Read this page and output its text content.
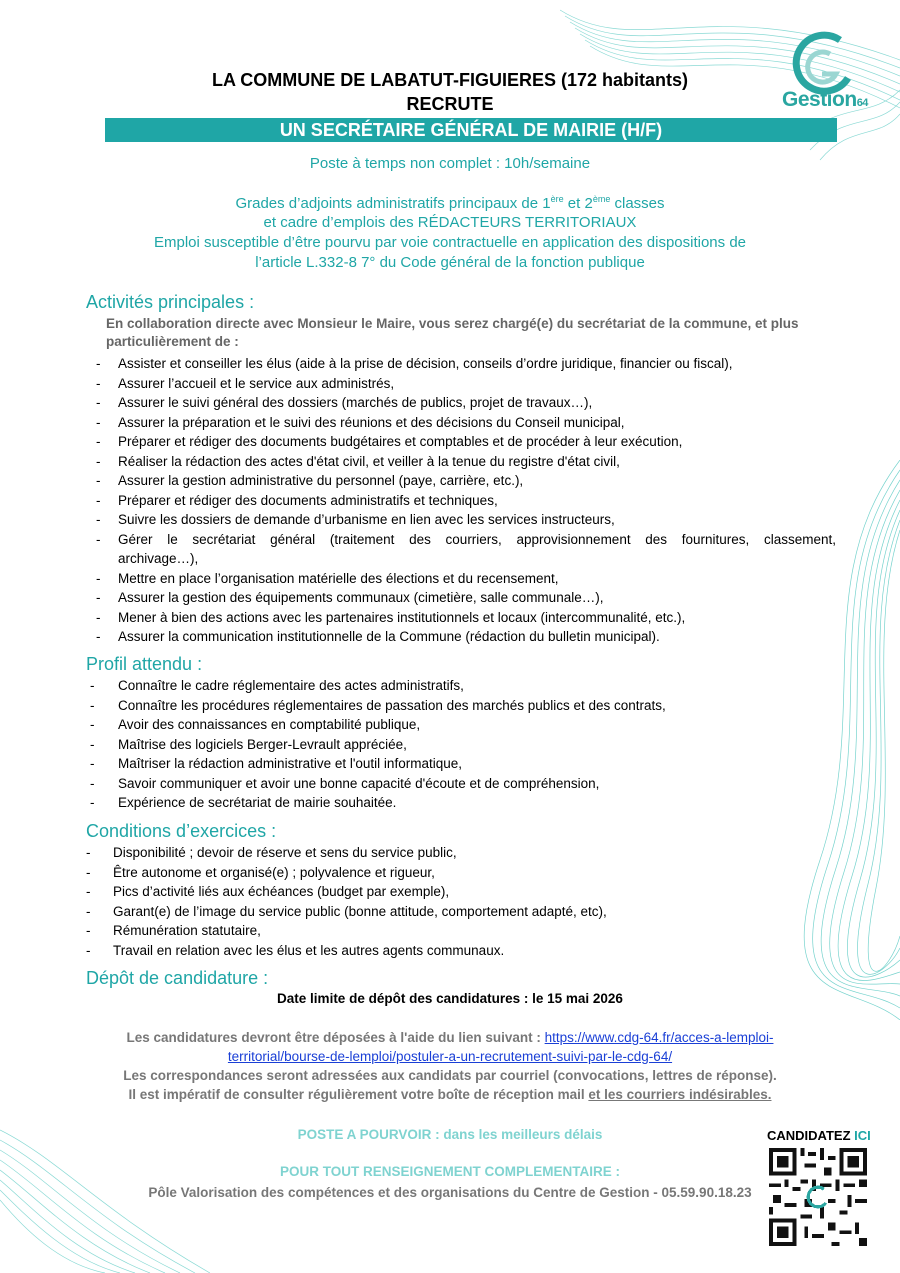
Gestion64
LA COMMUNE DE LABATUT-FIGUIERES (172 habitants)
RECRUTE
UN SECRÉTAIRE GÉNÉRAL DE MAIRIE (H/F)
Poste à temps non complet : 10h/semaine
Grades d’adjoints administratifs principaux de 1ère et 2ème classes
et cadre d’emplois des RÉDACTEURS TERRITORIAUX
Emploi susceptible d’être pourvu par voie contractuelle en application des dispositions de
l’article L.332-8 7° du Code général de la fonction publique
Activités principales :
En collaboration directe avec Monsieur le Maire, vous serez chargé(e) du secrétariat de la commune, et plus particulièrement de :
- Assister et conseiller les élus (aide à la prise de décision, conseils d’ordre juridique, financier ou fiscal),
- Assurer l’accueil et le service aux administrés,
- Assurer le suivi général des dossiers (marchés de publics, projet de travaux…),
- Assurer la préparation et le suivi des réunions et des décisions du Conseil municipal,
- Préparer et rédiger des documents budgétaires et comptables et de procéder à leur exécution,
- Réaliser la rédaction des actes d'état civil, et veiller à la tenue du registre d'état civil,
- Assurer la gestion administrative du personnel (paye, carrière, etc.),
- Préparer et rédiger des documents administratifs et techniques,
- Suivre les dossiers de demande d’urbanisme en lien avec les services instructeurs,
- Gérer le secrétariat général (traitement des courriers, approvisionnement des fournitures, classement,
archivage…),
- Mettre en place l’organisation matérielle des élections et du recensement,
- Assurer la gestion des équipements communaux (cimetière, salle communale…),
- Mener à bien des actions avec les partenaires institutionnels et locaux (intercommunalité, etc.),
- Assurer la communication institutionnelle de la Commune (rédaction du bulletin municipal).
Profil attendu :
- Connaître le cadre réglementaire des actes administratifs,
- Connaître les procédures réglementaires de passation des marchés publics et des contrats,
- Avoir des connaissances en comptabilité publique,
- Maîtrise des logiciels Berger-Levrault appréciée,
- Maîtriser la rédaction administrative et l'outil informatique,
- Savoir communiquer et avoir une bonne capacité d'écoute et de compréhension,
- Expérience de secrétariat de mairie souhaitée.
Conditions d’exercices :
- Disponibilité ; devoir de réserve et sens du service public,
- Être autonome et organisé(e) ; polyvalence et rigueur,
- Pics d’activité liés aux échéances (budget par exemple),
- Garant(e) de l’image du service public (bonne attitude, comportement adapté, etc),
- Rémunération statutaire,
- Travail en relation avec les élus et les autres agents communaux.
Dépôt de candidature :
Date limite de dépôt des candidatures : le 15 mai 2026
Les candidatures devront être déposées à l'aide du lien suivant : https://www.cdg-64.fr/acces-a-lemploi-
territorial/bourse-de-lemploi/postuler-a-un-recrutement-suivi-par-le-cdg-64/
Les correspondances seront adressées aux candidats par courriel (convocations, lettres de réponse).
Il est impératif de consulter régulièrement votre boîte de réception mail et les courriers indésirables.
POSTE A POURVOIR : dans les meilleurs délais
POUR TOUT RENSEIGNEMENT COMPLEMENTAIRE :
Pôle Valorisation des compétences et des organisations du Centre de Gestion - 05.59.90.18.23
CANDIDATEZ ICI
